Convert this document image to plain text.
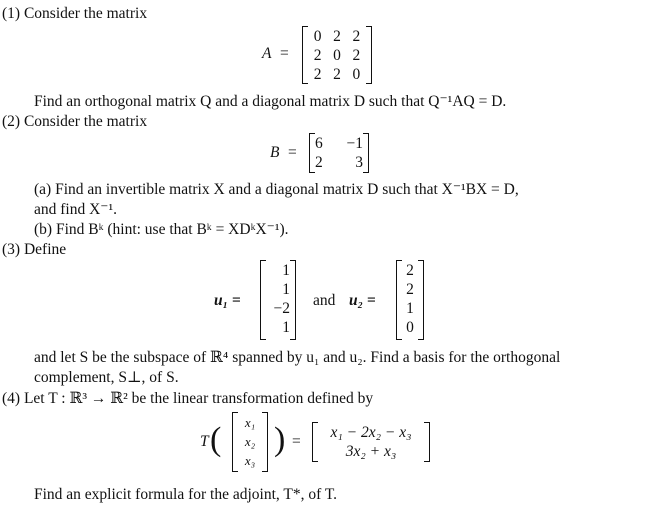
(1) Consider the matrix
A =
0 2 2
2 0 2
2 2 0
Find an orthogonal matrix Q and a diagonal matrix D such that Q⁻¹AQ = D.
(2) Consider the matrix
B =
6	−1
2	3
(a) Find an invertible matrix X and a diagonal matrix D such that X⁻¹BX = D,
and find X⁻¹.
(b) Find Bᵏ (hint: use that Bᵏ = XDᵏX⁻¹).
(3) Define
u₁ =
1
1
−2
1
and u₂ =
2
2
1
0
and let S be the subspace of ℝ⁴ spanned by u₁ and u₂. Find a basis for the orthogonal
complement, S⊥, of S.
(4) Let T : ℝ³ → ℝ² be the linear transformation defined by
T (	x₁
x₂
x₃
) =
x₁ − 2x₂ − x₃
3x₂ + x₃
Find an explicit formula for the adjoint, T*, of T.
